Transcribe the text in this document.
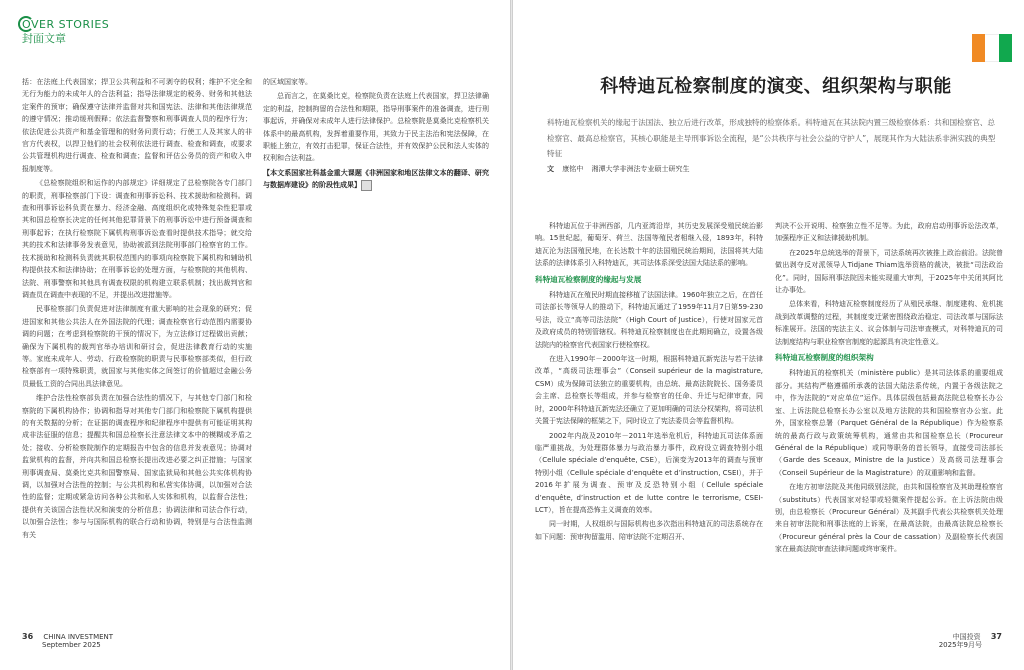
OVER STORIES
封面文章

括：在法庭上代表国家；捍卫公共利益和不可剥夺的权利；维护不完全和无行为能力的未成年人的合法利益；指导法律规定的税务、财务和其他法定案件的预审；确保遵守法律并监督对共和国宪法、法律和其他法律规范的遵守情况；推动缓刑假释；依法监督警察和刑事调查人员的程序行为；依法促进公共资产和基金管理和的财务问责行动；行使工人及其家人的非官方代表权，以捍卫他们的社会权利依法进行调查、检查和调查，或要求公共管理机构进行调查、检查和调查；监督和评估公务员的资产和收入申报制度等。

《总检察院组织和运作的内部规定》详细规定了总检察院各专门部门的职责，刑事检察部门下设：调查和刑事诉讼科、技术援助和检测科。调查和刑事诉讼科负责在暴力、经济金融、高度组织化或特殊复杂性犯罪或其和国总检察长决定的任何其他犯罪背景下的刑事诉讼中进行预备调查和刑事起诉；在执行检察院下属机构刑事诉讼查看时提供技术指导；就交给其的技术和法律事务发表意见，协助被派到法院刑事部门检察官的工作。技术援助和检测科负责就其职权范围内的事项向检察院下属机构和辅助机构提供技术和法律协助；在刑事诉讼的处理方面，与检察院的其他机构、法院、刑事警察和其他具有调查权限的机构建立联系机制；找出裁判官和调查员在调查中表现的不足，并提出改进措施等。

民事检察部门负责促进对法律制度有重大影响的社会现象的研究；促进国家和其他公共法人在外国法院的代理；调查检察官行动范围内需要协调的问题；在考虑到检察院的干预的情况下，为立法修订过程做出贡献；确保为下属机构的裁判官举办培训和研讨会，促进法律教育行动的实施等。家庭未成年人、劳动、行政检察院的职责与民事检察部类似，但行政检察部有一项特殊职责，就国家与其他实体之间签订的价值超过金融公务员最低工资的合同出具法律意见。

维护合法性检察部负责在加强合法性的情况下，与其他专门部门和检察院的下属机构协作；协调和指导对其他专门部门和检察院下属机构提供的有关数据的分析；在证据的调查程序和纪律程序中提供有可能证明其构成非法征服的信息；提醒共和国总检察长注意法律文本中的模糊或矛盾之处；接收、分析检察院制作的定期报告中包含的信息并发表意见；协调对监狱机构的监督，并向共和国总检察长提出改进必要之纠正措施；与国家刑事调查局、莫桑比克共和国警察局、国家监狱局和其他公共实体机构协调，以加强对合法性的控制；与公共机构和私营实体协调，以加强对合法性的监督；定期或紧急访问各种公共和私人实体和机构，以监督合法性；提供有关该国合法性状况和演变的分析信息；协调法律和司法合作行动，以加强合法性；参与与国际机构的联合行动和协调，特别是与合法性监测有关

的区域国家等。

总而言之，在莫桑比克，检察院负责在法庭上代表国家，捍卫法律确定的利益，控制拘留的合法性和期限，指导刑事案件的准备调查，进行刑事起诉，并确保对未成年人进行法律保护。总检察院是莫桑比克检察机关体系中的最高机构，发挥着重要作用，其致力于民主法治和宪法保障，在职能上独立，有效打击犯罪，保证合法性，并有效保护公民和法人实体的权利和合法利益。

【本文系国家社科基金重大课题《非洲国家和地区法律文本的翻译、研究与数据库建设》的阶段性成果】

36 CHINA INVESTMENT
September 2025
科特迪瓦检察制度的演变、组织架构与职能
科特迪瓦检察机关的缘起于法国法、独立后进行改革，形成独特的检察体系。科特迪瓦在其法院内置三级检察体系：共和国检察官、总检察官、最高总检察官，其核心职能是主导刑事诉讼全流程，是“公共秩序与社会公益的守护人”，展现其作为大陆法系非洲实践的典型特征
文 康铭中 湘潭大学非洲法专业硕士研究生

科特迪瓦位于非洲西部，几内亚湾沿岸，其历史发展深受殖民统治影响。15世纪起，葡萄牙、荷兰、法国等殖民者相继入侵，1893年，科特迪瓦沦为法国殖民地，在长达数十年的法国殖民统治期间，法国将其大陆法系的法律体系引入科特迪瓦，其司法体系深受法国大陆法系的影响。

科特迪瓦检察制度的缘起与发展

科特迪瓦在殖民时期直接移植了法国法律。1960年独立之后，在首任司法部长等领导人的推动下，科特迪瓦通过了1959年11月7日第59-230号法，设立“高等司法法院”（High Court of Justice），行使对国家元首及政府成员的特别管辖权。科特迪瓦检察制度也在此期间确立，设置各级法院内的检察官代表国家行使检察权。

在进入1990年－2000年这一时期，根据科特迪瓦新宪法与若干法律改革，“高级司法理事会”（Conseil supérieur de la magistrature, CSM）成为保障司法独立的重要机构，由总统、最高法院院长、国务委员会主席、总检察长等组成，并参与检察官的任命、升迁与纪律审查，同时，2000年科特迪瓦新宪法还确立了更加明确的司法分权架构，将司法机关置于宪法保障的框架之下，同时设立了宪法委员会等监督机构。

2002年内战及2010年－2011年选举危机后，科特迪瓦司法体系面临严重挑战，为处理群体暴力与政治暴力事件，政府设立调查特别小组（Cellule spéciale d’enquête, CSE），后演变为2013年的调查与预审特别小组（Cellule spéciale d’enquête et d’instruction, CSEI），并于2016年扩展为调查、预审及反恐特别小组（Cellule spéciale d’enquête, d’instruction et de lutte contre le terrorisme, CSEI-LCT），旨在提高恐怖主义调查的效率。

同一时期，人权组织与国际机构也多次指出科特迪瓦的司法系统存在如下问题：预审拘留滥用、陪审法院不定期召开、

判决不公开说明、检察独立性不足等。为此，政府启动刑事诉讼法改革，加强程序正义和法律援助机制。

在2025年总统选举的背景下，司法系统再次被推上政治前沿。法院曾做出剥夺反对派领导人Tidjane Thiam选举资格的裁决，被批“司法政治化”。同时，国际刑事法院因未能实现重大审判，于2025年中关闭其阿比让办事处。

总体来看，科特迪瓦检察制度经历了从殖民承继、制度建构、危机挑战到改革调整的过程，其制度变迁紧密围绕政治稳定、司法改革与国际法标准展开。法国的宪法主义、议会体制与司法审查模式，对科特迪瓦的司法制度结构与职业检察官制度的起源具有决定性意义。

科特迪瓦检察制度的组织架构

科特迪瓦的检察机关（ministère public）是其司法体系的重要组成部分。其结构严格遵循所承袭的法国大陆法系传统，内置于各级法院之中，作为法院的“对应单位”运作。具体层级包括最高法院总检察长办公室、上诉法院总检察长办公室以及地方法院的共和国检察官办公室。此外，国家检察总署（Parquet Général de la République）作为检察系统的最高行政与政策统筹机构，通常由共和国检察总长（Procureur Général de la République）或同等职务的首长领导，直接受司法部长（Garde des Sceaux, Ministre de la Justice）及高级司法理事会（Conseil Supérieur de la Magistrature）的双重影响和监督。

在地方初审法院及其他同级别法院，由共和国检察官及其助理检察官（substituts）代表国家对轻罪或轻微案件提起公诉。在上诉法院由级别，由总检察长（Procureur Général）及其副手代表公共检察机关处理来自初审法院和刑事法庭的上诉案，在最高法院，由最高法院总检察长（Procureur général près la Cour de cassation）及副检察长代表国家在最高法院审查法律问题或终审案件。

中国投资 37
2025年9月号
